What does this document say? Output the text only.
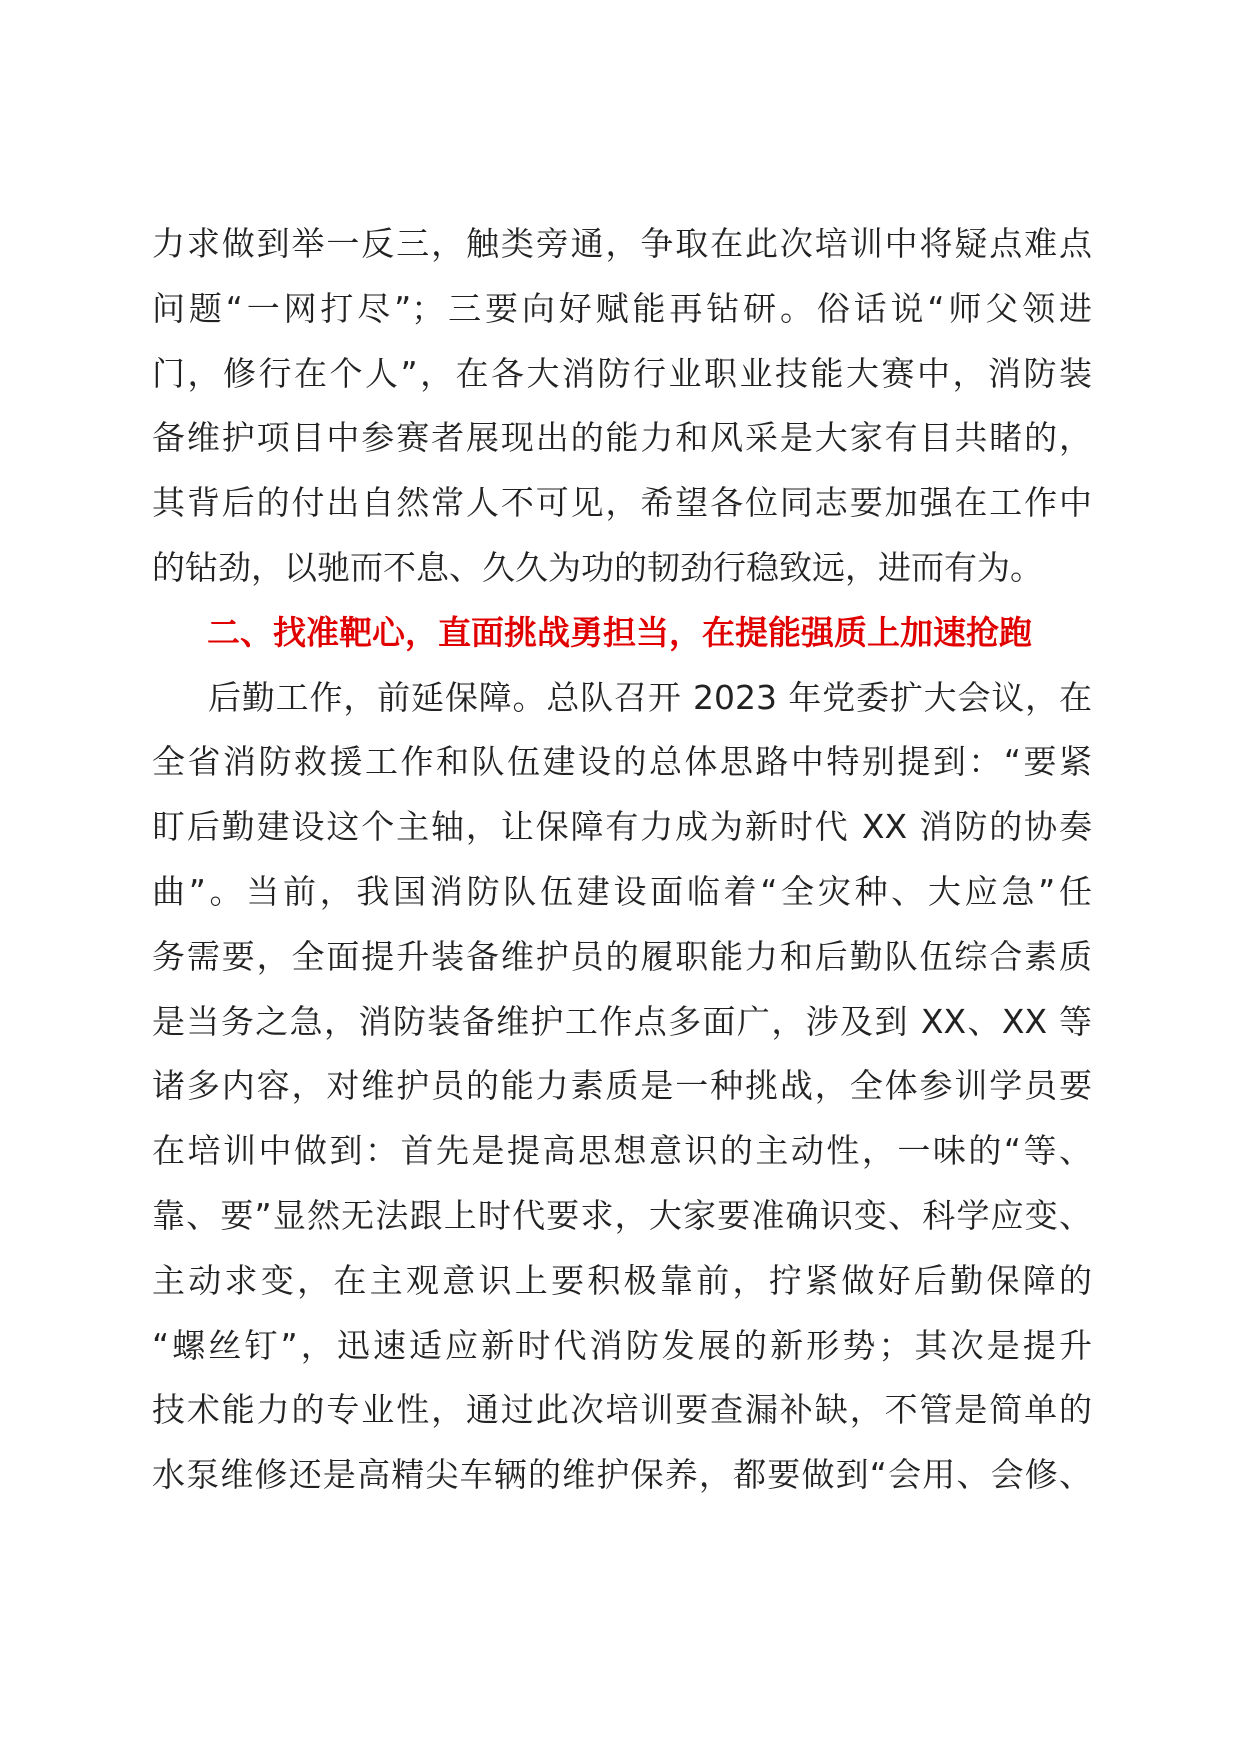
力求做到举一反三，触类旁通，争取在此次培训中将疑点难点
问题“一网打尽”；三要向好赋能再钻研。俗话说“师父领进
门，修行在个人”，在各大消防行业职业技能大赛中，消防装
备维护项目中参赛者展现出的能力和风采是大家有目共睹的，
其背后的付出自然常人不可见，希望各位同志要加强在工作中
的钻劲，以驰而不息、久久为功的韧劲行稳致远，进而有为。
二、找准靶心，直面挑战勇担当，在提能强质上加速抢跑
后勤工作，前延保障。总队召开 2023 年党委扩大会议，在
全省消防救援工作和队伍建设的总体思路中特别提到：“要紧
盯后勤建设这个主轴，让保障有力成为新时代 XX 消防的协奏
曲”。当前，我国消防队伍建设面临着“全灾种、大应急”任
务需要，全面提升装备维护员的履职能力和后勤队伍综合素质
是当务之急，消防装备维护工作点多面广，涉及到 XX、XX 等
诸多内容，对维护员的能力素质是一种挑战，全体参训学员要
在培训中做到：首先是提高思想意识的主动性，一味的“等、
靠、要”显然无法跟上时代要求，大家要准确识变、科学应变、
主动求变，在主观意识上要积极靠前，拧紧做好后勤保障的
“螺丝钉”，迅速适应新时代消防发展的新形势；其次是提升
技术能力的专业性，通过此次培训要查漏补缺，不管是简单的
水泵维修还是高精尖车辆的维护保养，都要做到“会用、会修、
